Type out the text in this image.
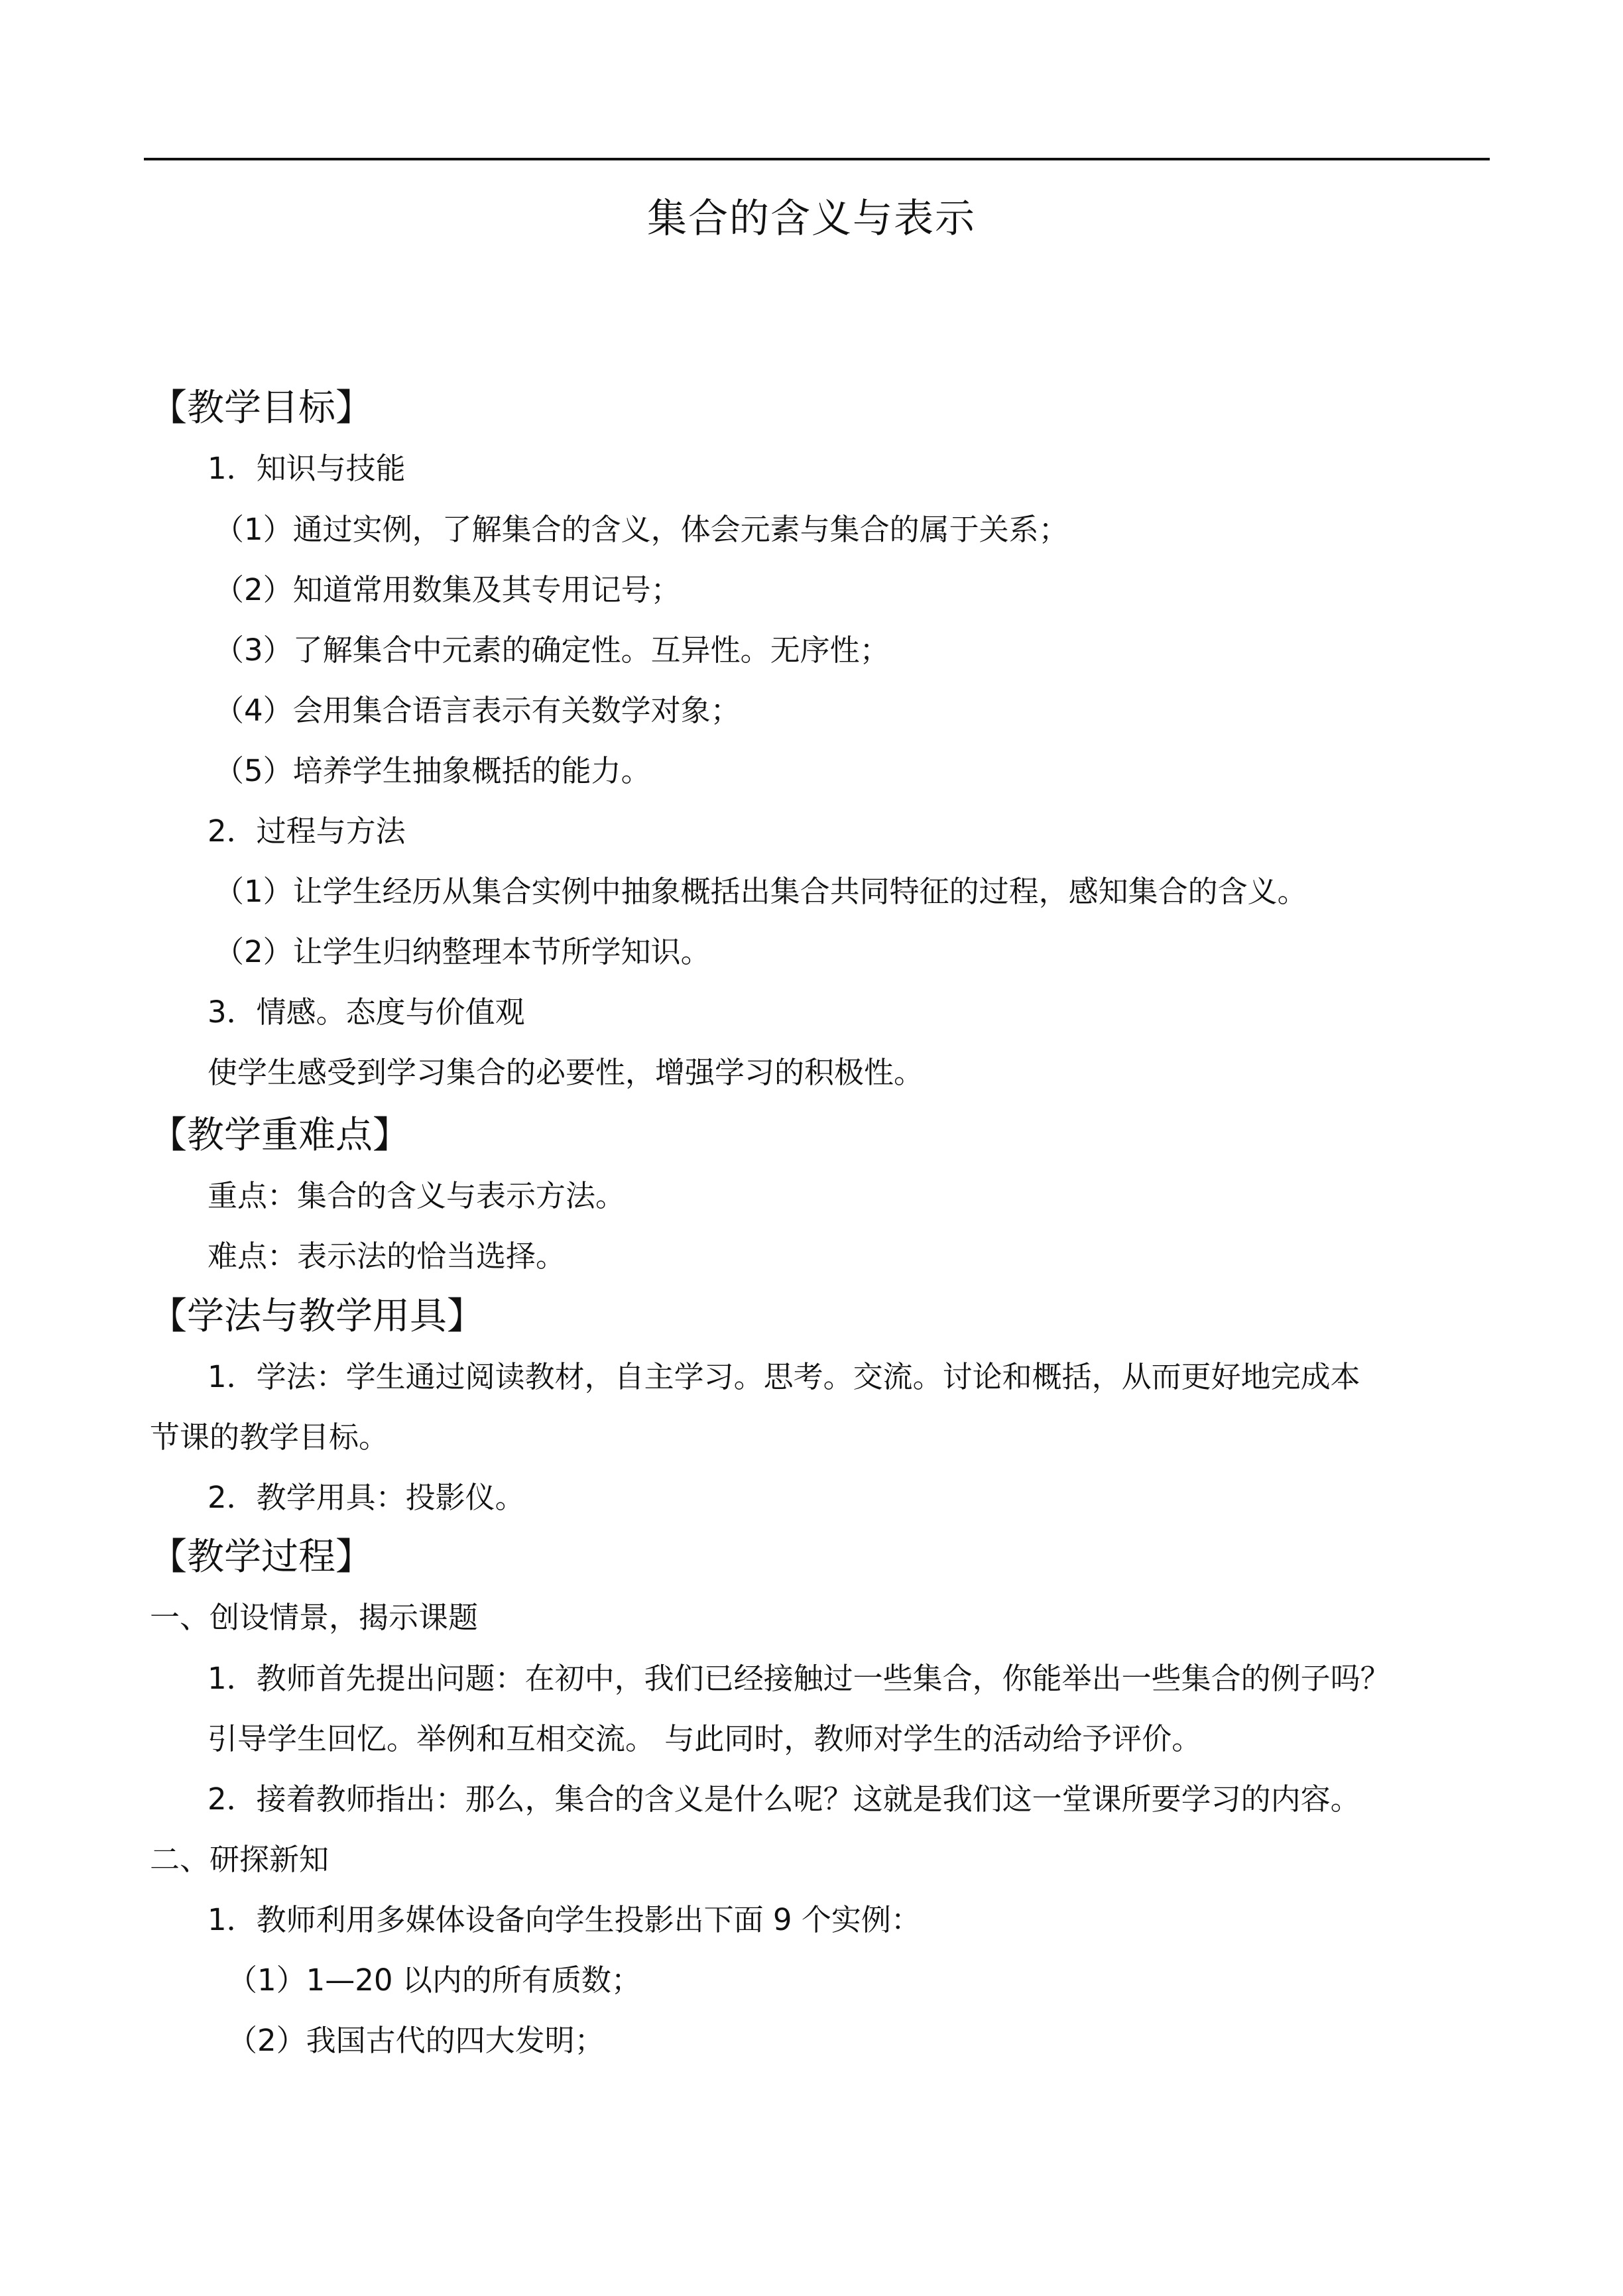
集合的含义与表示
【教学目标】
1．知识与技能
（1）通过实例，了解集合的含义，体会元素与集合的属于关系；
（2）知道常用数集及其专用记号；
（3）了解集合中元素的确定性。互异性。无序性；
（4）会用集合语言表示有关数学对象；
（5）培养学生抽象概括的能力。
2．过程与方法
（1）让学生经历从集合实例中抽象概括出集合共同特征的过程，感知集合的含义。
（2）让学生归纳整理本节所学知识。
3．情感。态度与价值观
使学生感受到学习集合的必要性，增强学习的积极性。
【教学重难点】
重点：集合的含义与表示方法。
难点：表示法的恰当选择。
【学法与教学用具】
1．学法：学生通过阅读教材，自主学习。思考。交流。讨论和概括，从而更好地完成本
节课的教学目标。
2．教学用具：投影仪。
【教学过程】
一、创设情景，揭示课题
1．教师首先提出问题：在初中，我们已经接触过一些集合，你能举出一些集合的例子吗？
引导学生回忆。举例和互相交流。 与此同时，教师对学生的活动给予评价。
2．接着教师指出：那么，集合的含义是什么呢？这就是我们这一堂课所要学习的内容。
二、研探新知
1．教师利用多媒体设备向学生投影出下面 9 个实例：
（1）1—20 以内的所有质数；
（2）我国古代的四大发明；
